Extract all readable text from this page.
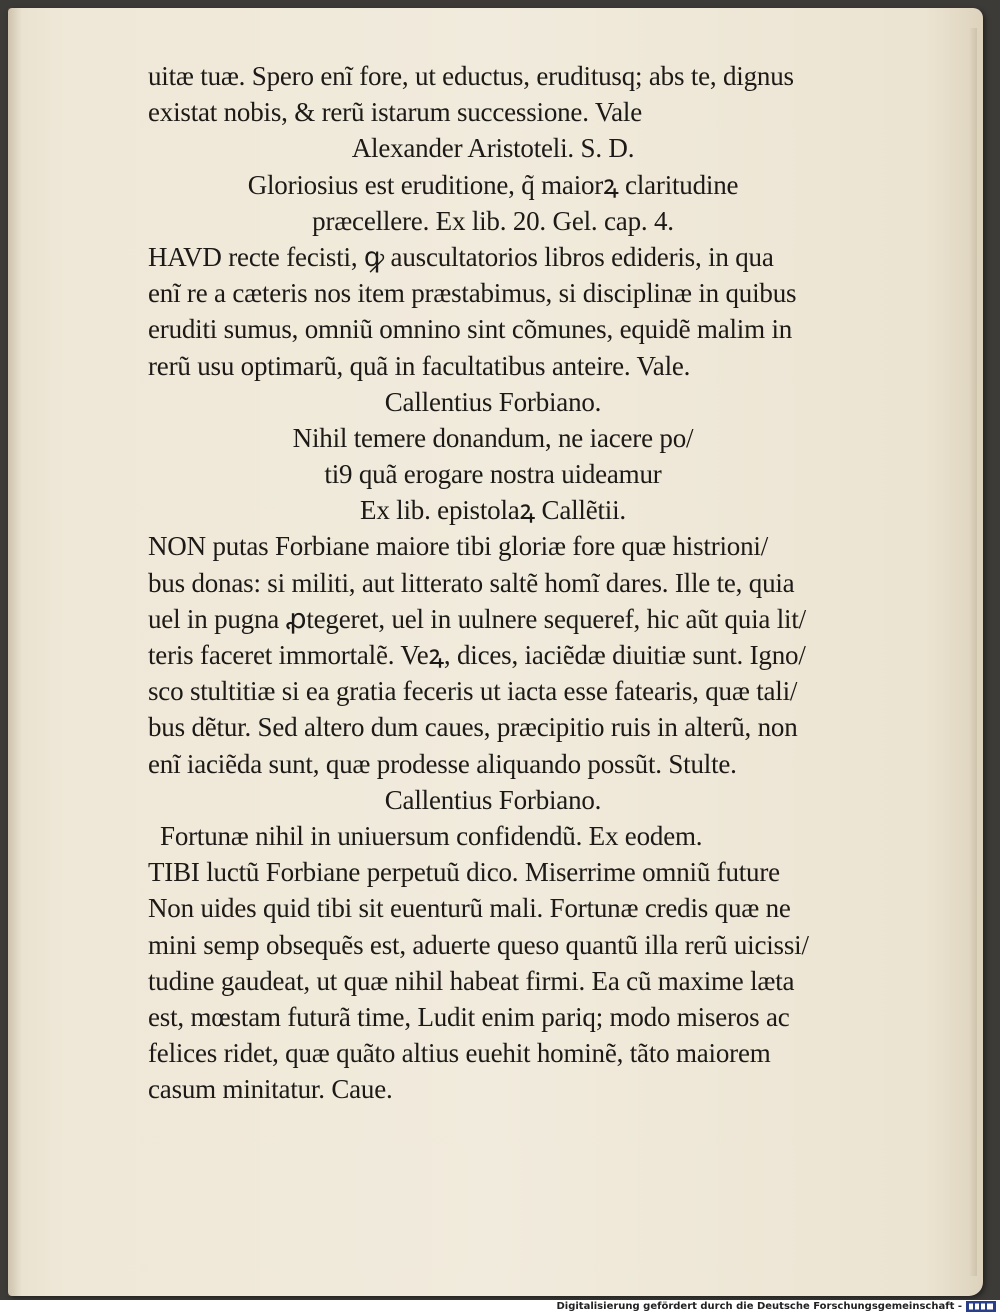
uitæ tuæ. Spero enĩ fore, ut eductus, eruditusq; abs te, dignus
existat nobis, & rerũ istarum successione. Vale
Alexander Aristoteli. S. D.
Gloriosius est eruditione, q̃ maiorꝝ claritudine
præcellere. Ex lib. 20. Gel. cap. 4.
HAVD recte fecisti, ꝙ auscultatorios libros edideris, in qua
enĩ re a cæteris nos item præstabimus, si disciplinæ in quibus
eruditi sumus, omniũ omnino sint cõmunes, equidẽ malim in
rerũ usu optimarũ, quã in facultatibus anteire. Vale.
Callentius Forbiano.
Nihil temere donandum, ne iacere po/
ti9 quã erogare nostra uideamur
Ex lib. epistolaꝝ Callẽtii.
NON putas Forbiane maiore tibi gloriæ fore quæ histrioni/
bus donas: si militi, aut litterato saltẽ homĩ dares. Ille te, quia
uel in pugna ꝓtegeret, uel in uulnere sequeref, hic aũt quia lit/
teris faceret immortalẽ. Veꝝ, dices, iaciẽdæ diuitiæ sunt. Igno/
sco stultitiæ si ea gratia feceris ut iacta esse fatearis, quæ tali/
bus dẽtur. Sed altero dum caues, præcipitio ruis in alterũ, non
enĩ iaciẽda sunt, quæ prodesse aliquando possũt. Stulte.
Callentius Forbiano.
Fortunæ nihil in uniuersum confidendũ. Ex eodem.
TIBI luctũ Forbiane perpetuũ dico. Miserrime omniũ future
Non uides quid tibi sit euenturũ mali. Fortunæ credis quæ ne
mini semp obsequẽs est, aduerte queso quantũ illa rerũ uicissi/
tudine gaudeat, ut quæ nihil habeat firmi. Ea cũ maxime læta
est, mœstam futurã time, Ludit enim pariq; modo miseros ac
felices ridet, quæ quãto altius euehit hominẽ, tãto maiorem
casum minitatur. Caue.
Digitalisierung gefördert durch die Deutsche Forschungsgemeinschaft -
